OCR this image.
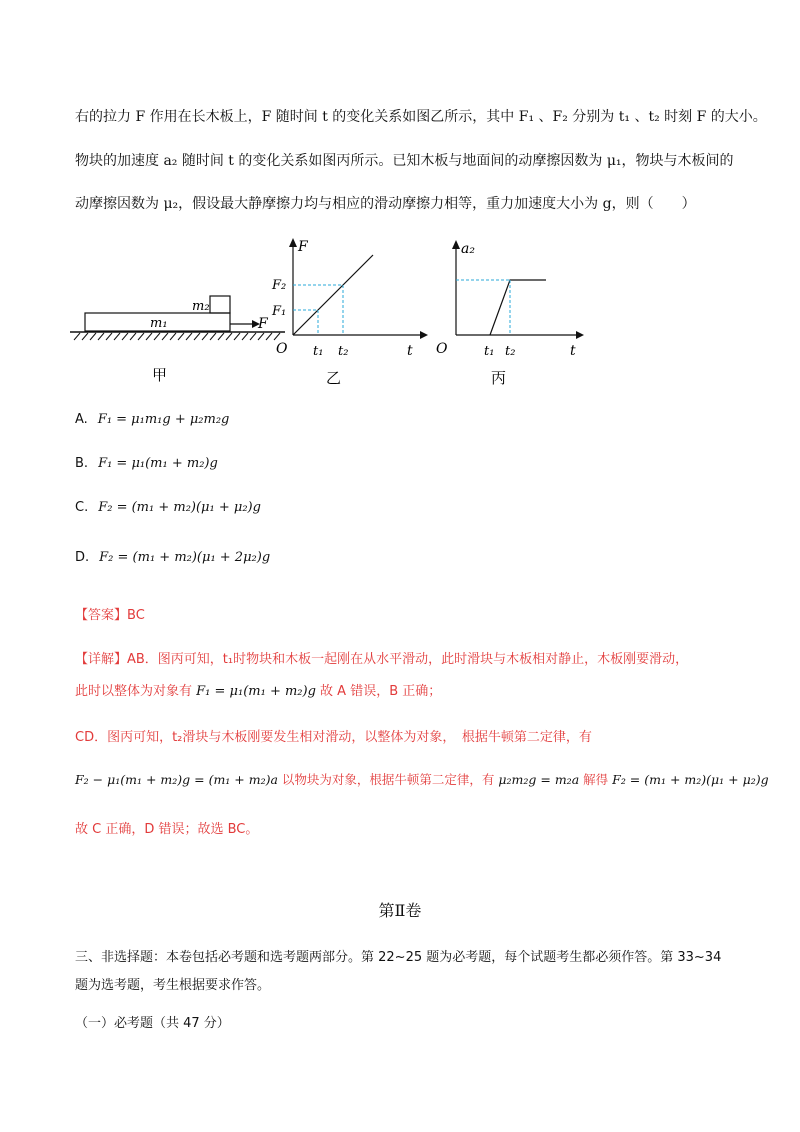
右的拉力 F 作用在长木板上，F 随时间 t 的变化关系如图乙所示，其中 F₁ 、F₂ 分别为 t₁ 、t₂ 时刻 F 的大小。
物块的加速度 a₂ 随时间 t 的变化关系如图丙所示。已知木板与地面间的动摩擦因数为 μ₁，物块与木板间的
动摩擦因数为 μ₂，假设最大静摩擦力均与相应的滑动摩擦力相等，重力加速度大小为 g，则（　　）
m₂
m₁	F
甲
F
t
O
F₁
F₂
t₁ t₂
乙
a₂
t
O	t₁ t₂
丙
A. F₁ = μ₁m₁g + μ₂m₂g
B. F₁ = μ₁(m₁ + m₂)g
C. F₂ = (m₁ + m₂)(μ₁ + μ₂)g
D. F₂ = (m₁ + m₂)(μ₁ + 2μ₂)g
【答案】BC
【详解】AB．图丙可知，t₁时物块和木板一起刚在从水平滑动，此时滑块与木板相对静止，木板刚要滑动，
此时以整体为对象有 F₁ = μ₁(m₁ + m₂)g 故 A 错误，B 正确；
CD．图丙可知，t₂滑块与木板刚要发生相对滑动，以整体为对象，　根据牛顿第二定律，有
F₂ − μ₁(m₁ + m₂)g = (m₁ + m₂)a 以物块为对象，根据牛顿第二定律，有 μ₂m₂g = m₂a 解得 F₂ = (m₁ + m₂)(μ₁ + μ₂)g
故 C 正确，D 错误；故选 BC。
第Ⅱ卷
三、非选择题：本卷包括必考题和选考题两部分。第 22~25 题为必考题，每个试题考生都必须作答。第 33~34
题为选考题，考生根据要求作答。
（一）必考题（共 47 分）
